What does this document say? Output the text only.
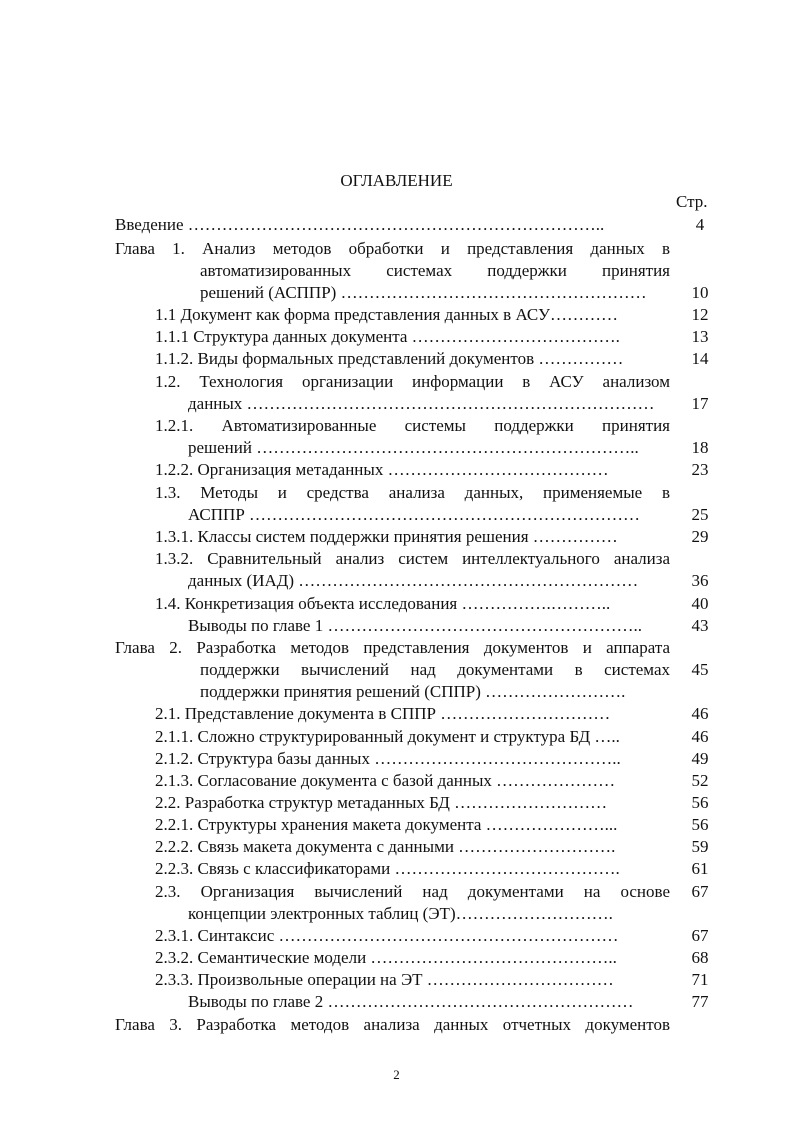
ОГЛАВЛЕНИЕ
Стр.
Введение ………………………………………………………………..
Глава 1. Анализ методов обработки и представления данных в
автоматизированных системах поддержки принятия
решений (АСППР) ………………………………………………
1.1 Документ как форма представления данных в АСУ…………
1.1.1 Структура данных документа ……………………………….
1.1.2. Виды формальных представлений документов ……………
1.2. Технология организации информации в АСУ анализом
данных ………………………………………………………………
1.2.1. Автоматизированные системы поддержки принятия
решений …………………………………………………………..
1.2.2. Организация метаданных …………………………………
1.3. Методы и средства анализа данных, применяемые в
АСППР ……………………………………………………………
1.3.1. Классы систем поддержки принятия решения ……………
1.3.2. Сравнительный анализ систем интеллектуального анализа
данных (ИАД) ……………………………………………………
1.4. Конкретизация объекта исследования …………….………..
Выводы по главе 1 ………………………………………………..
Глава 2. Разработка методов представления документов и аппарата
поддержки вычислений над документами в системах
поддержки принятия решений (СППР) …………………….
2.1. Представление документа в СППР …………………………
2.1.1. Сложно структурированный документ и структура БД …..
2.1.2. Структура базы данных ……………………………………..
2.1.3. Согласование документа с базой данных …………………
2.2. Разработка структур метаданных БД ………………………
2.2.1. Структуры хранения макета документа …………………...
2.2.2. Связь макета документа с данными ……………………….
2.2.3. Связь с классификаторами ………………………………….
2.3. Организация вычислений над документами на основе
концепции электронных таблиц (ЭТ)……………………….
2.3.1. Синтаксис ……………………………………………………
2.3.2. Семантические модели ……………………………………..
2.3.3. Произвольные операции на ЭТ ……………………………
Выводы по главе 2 ………………………………………………
Глава 3. Разработка методов анализа данных отчетных документов
4
10
12
13
14
17
18
23
25
29
36
40
43
45
46
46
49
52
56
56
59
61
67
67
68
71
77
2
